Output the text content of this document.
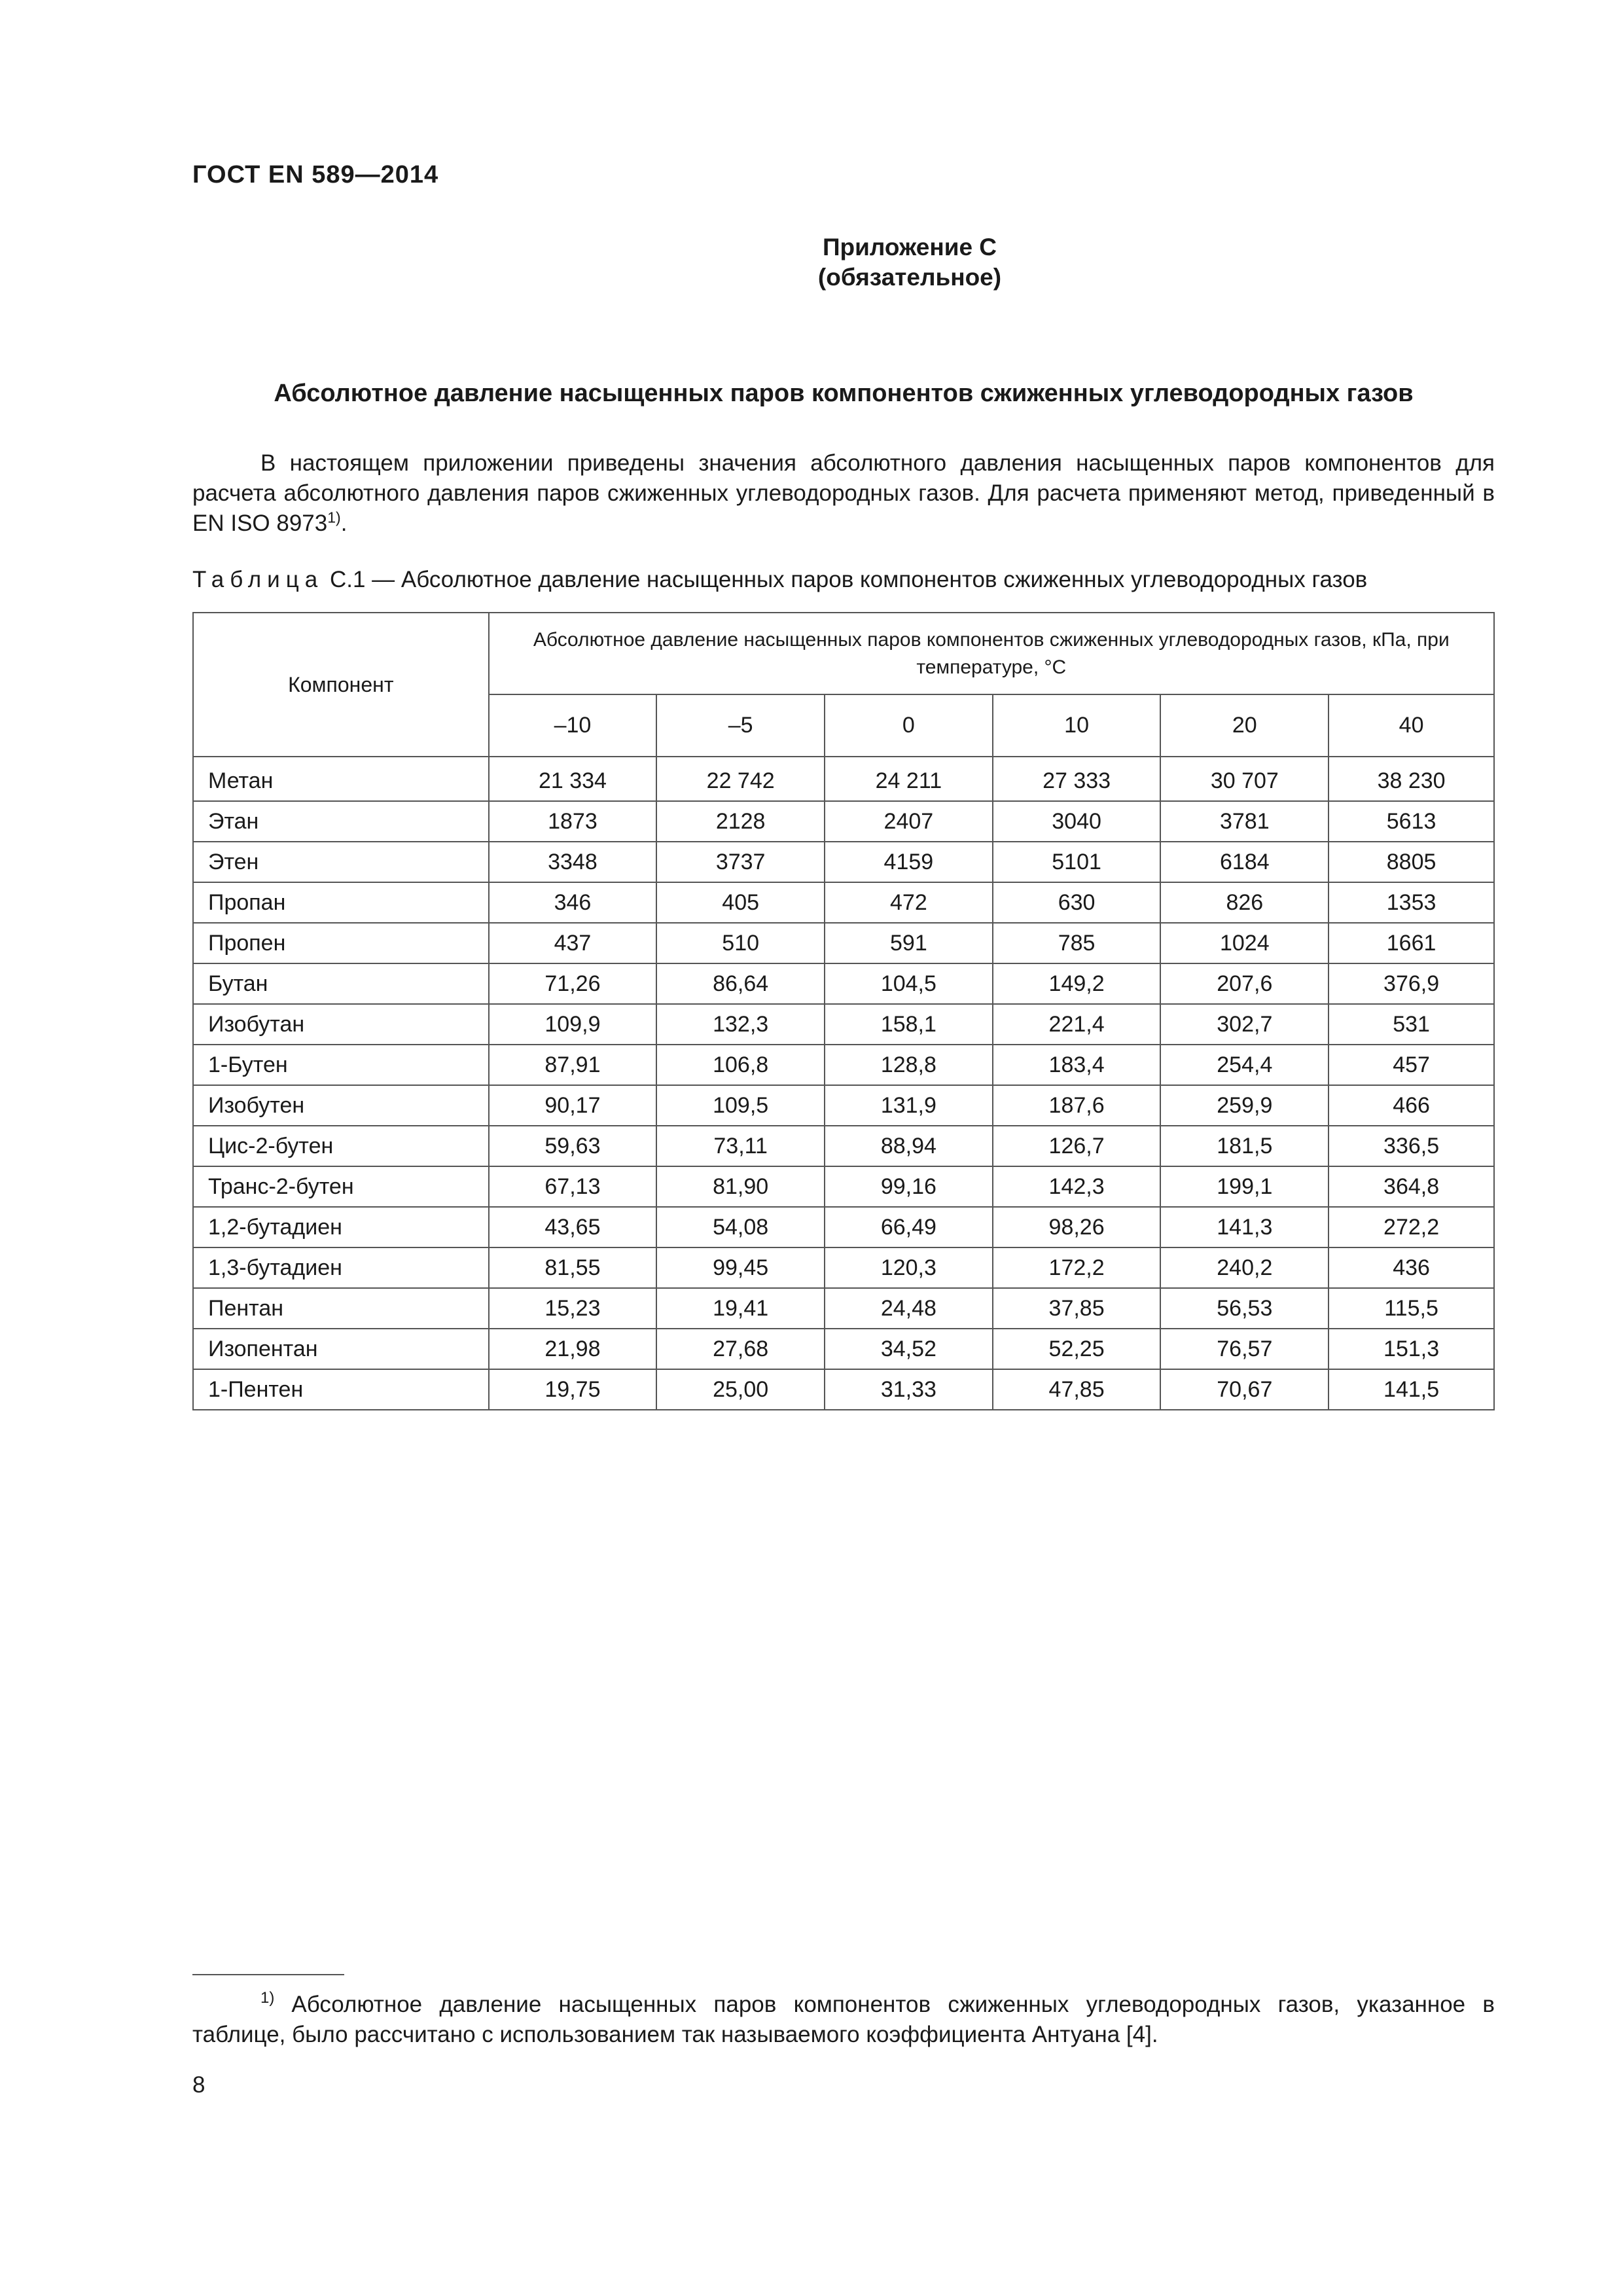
ГОСТ EN 589—2014
Приложение С
(обязательное)
Абсолютное давление насыщенных паров компонентов сжиженных углеводородных газов

В настоящем приложении приведены значения абсолютного давления насыщенных паров компонентов для расчета абсолютного давления паров сжиженных углеводородных газов. Для расчета применяют метод, приведенный в EN ISO 8973$^{1)}$.

Таблица С.1 — Абсолютное давление насыщенных паров компонентов сжиженных углеводородных газов

Компонент	Абсолютное давление насыщенных паров компонентов сжиженных углеводородных газов, кПа, при температуре, °С					
	–10	–5	0	10	20	40
Метан	21 334	22 742	24 211	27 333	30 707	38 230
Этан	1873	2128	2407	3040	3781	5613
Этен	3348	3737	4159	5101	6184	8805
Пропан	346	405	472	630	826	1353
Пропен	437	510	591	785	1024	1661
Бутан	71,26	86,64	104,5	149,2	207,6	376,9
Изобутан	109,9	132,3	158,1	221,4	302,7	531
1-Бутен	87,91	106,8	128,8	183,4	254,4	457
Изобутен	90,17	109,5	131,9	187,6	259,9	466
Цис-2-бутен	59,63	73,11	88,94	126,7	181,5	336,5
Транс-2-бутен	67,13	81,90	99,16	142,3	199,1	364,8
1,2-бутадиен	43,65	54,08	66,49	98,26	141,3	272,2
1,3-бутадиен	81,55	99,45	120,3	172,2	240,2	436
Пентан	15,23	19,41	24,48	37,85	56,53	115,5
Изопентан	21,98	27,68	34,52	52,25	76,57	151,3
1-Пентен	19,75	25,00	31,33	47,85	70,67	141,5

$^{1)}$ Абсолютное давление насыщенных паров компонентов сжиженных углеводородных газов, указанное в таблице, было рассчитано с использованием так называемого коэффициента Антуана [4].

8
